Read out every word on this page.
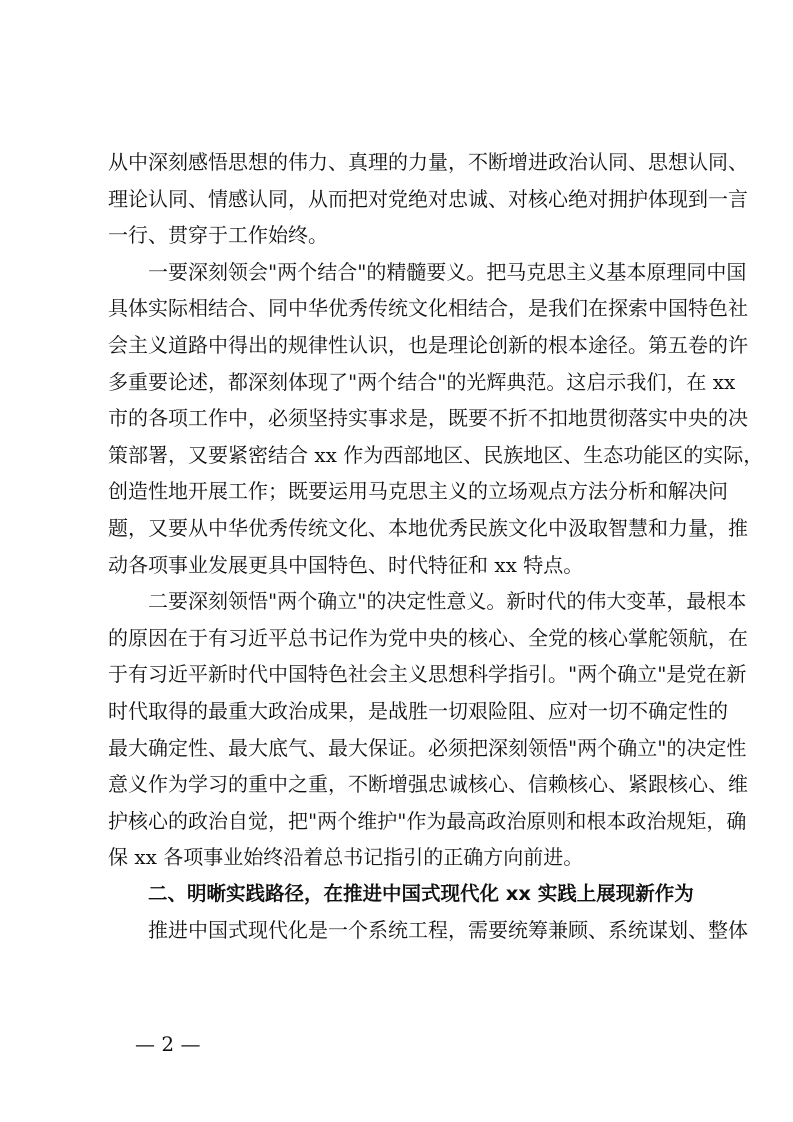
从中深刻感悟思想的伟力、真理的力量，不断增进政治认同、思想认同、
理论认同、情感认同，从而把对党绝对忠诚、对核心绝对拥护体现到一言
一行、贯穿于工作始终。
一要深刻领会"两个结合"的精髓要义。把马克思主义基本原理同中国
具体实际相结合、同中华优秀传统文化相结合，是我们在探索中国特色社
会主义道路中得出的规律性认识，也是理论创新的根本途径。第五卷的许
多重要论述，都深刻体现了"两个结合"的光辉典范。这启示我们，在 xx
市的各项工作中，必须坚持实事求是，既要不折不扣地贯彻落实中央的决
策部署，又要紧密结合 xx 作为西部地区、民族地区、生态功能区的实际，
创造性地开展工作；既要运用马克思主义的立场观点方法分析和解决问
题，又要从中华优秀传统文化、本地优秀民族文化中汲取智慧和力量，推
动各项事业发展更具中国特色、时代特征和 xx 特点。
二要深刻领悟"两个确立"的决定性意义。新时代的伟大变革，最根本
的原因在于有习近平总书记作为党中央的核心、全党的核心掌舵领航，在
于有习近平新时代中国特色社会主义思想科学指引。"两个确立"是党在新
时代取得的最重大政治成果，是战胜一切艰险阻、应对一切不确定性的
最大确定性、最大底气、最大保证。必须把深刻领悟"两个确立"的决定性
意义作为学习的重中之重，不断增强忠诚核心、信赖核心、紧跟核心、维
护核心的政治自觉，把"两个维护"作为最高政治原则和根本政治规矩，确
保 xx 各项事业始终沿着总书记指引的正确方向前进。
二、明晰实践路径，在推进中国式现代化 xx 实践上展现新作为
推进中国式现代化是一个系统工程，需要统筹兼顾、系统谋划、整体
— 2 —
